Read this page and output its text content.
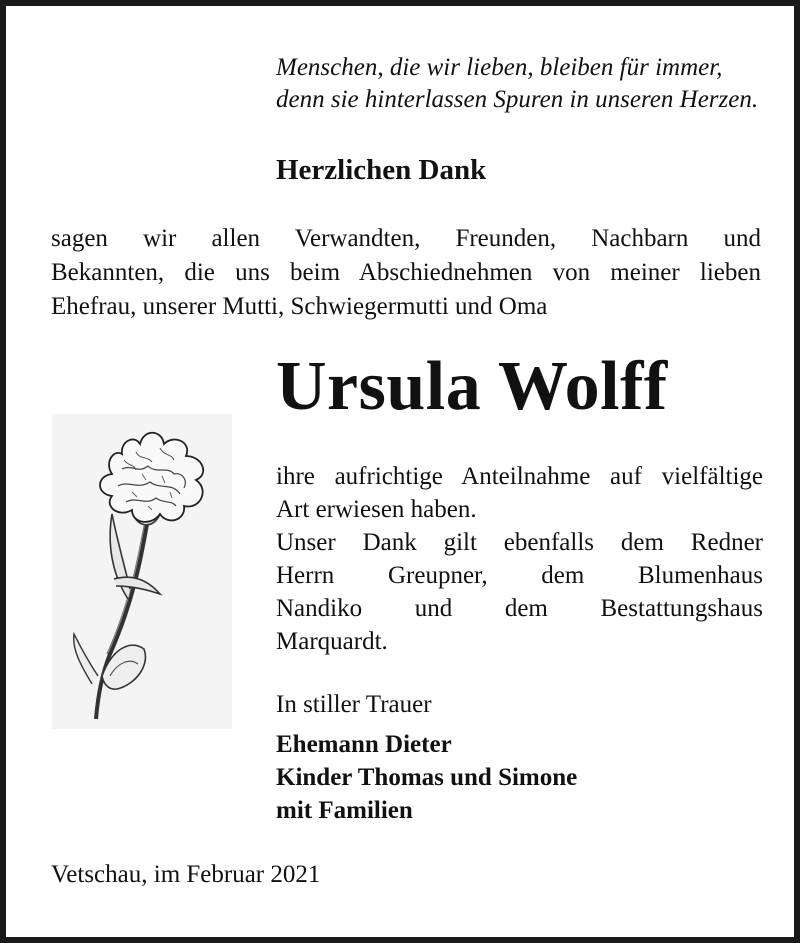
Menschen, die wir lieben, bleiben für immer,
denn sie hinterlassen Spuren in unseren Herzen.

Herzlichen Dank

sagen wir allen Verwandten, Freunden, Nachbarn und
Bekannten, die uns beim Abschiednehmen von meiner lieben
Ehefrau, unserer Mutti, Schwiegermutti und Oma

Ursula Wolff

ihre aufrichtige Anteilnahme auf vielfältige
Art erwiesen haben.
Unser Dank gilt ebenfalls dem Redner
Herrn Greupner, dem Blumenhaus
Nandiko und dem Bestattungshaus
Marquardt.

In stiller Trauer

Ehemann Dieter
Kinder Thomas und Simone
mit Familien

Vetschau, im Februar 2021
